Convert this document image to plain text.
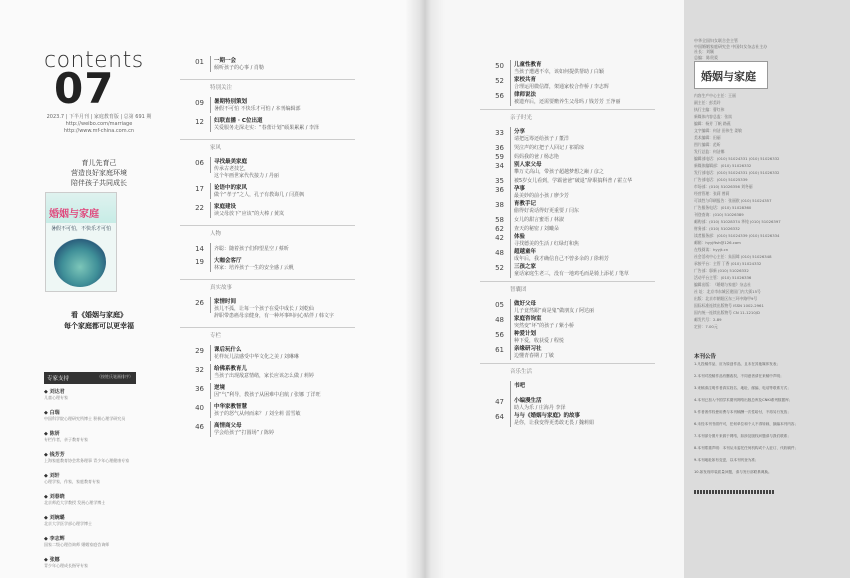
contents
07
2023.7 | 下半月刊 | 家庭教育版 | 总第 691 期
http://weibo.com/marriage
http://www.mf-china.com.cn
育儿先育己
营造良好家庭环境
陪伴孩子共同成长
婚姻与家庭
暑假不可怕，不快乐才可怕
看《婚姻与家庭》
每个家庭都可以更幸福
专家支持	（按姓氏笔画排序）
◆ 刘达君
儿童心理专家
◆ 白瑞
中国科学院心理研究所博士 积极心理学研究员
◆ 陈妍
专栏作者，亲子教育专家
◆ 钱芳芳
上海家庭教育协会常务理事 青少年心理健康专家
◆ 刘轩
心理学家，作家，家庭教育专家
◆ 刘春晓
北京师范大学教授 发展心理学博士
◆ 刘婉璐
北京大学医学部心理学博士
◆ 李志辉
国家二级心理咨询师 婚姻家庭咨询师
◆ 张娜
青少年心理成长指导专家
01 一期一会
倾听孩子的心事 / 肖勒
特别关注
09 暑期特别策划
暑假不可怕 不快乐才可怕 / 本刊编辑部
12 妇联直播 · C位出道
关爱服务走深走实：“春蕾计划”硕果累累 / 李泽
家风
06 寻找最美家庭
传承古老技艺，
这个年画世家代代接力 / 丹丽
17 论语中的家风
做个“孝子”之人，孔子有教诲几 / 闫熹枫
22 家庭建设
读父母放下“应该”的大棒 / 黄岚
人物
14 齐聪：随着孩子们仰望星空 / 蔡昕
19 大咖会客厅
林家：培养孩子一生的安全感 / 云帆
真实故事
26 家情时间
孩儿不孤，让每一个孩子在爱中成长 / 刘乾仙
辞职带患癌母亲健身，有一种坏事叫问心贴伴 / 韩文字
专栏
29 课后玩什么
花样玩儿法感受中华文化之美 / 刘琳琳
32 给佛系教育儿
当孩子出现敌意情绪，家长应该怎么做 / 莉婷
36 逆境
因“气”利导，教孩子从困难中启航 / 张娜 丁洋旺
40 中华家教智慧
孩子的怒气从何而来？ / 刘全莉 雷雪敏
46 高情商父母
学会给孩子“打圆场” / 陈婷
50 儿童性教育
当孩子遭遇不幸，该如何提供帮助 / 白颖
52 家校共育
合理运用微信群，架通家校合作桥 / 李志辉
56 律师说法
被遗弃后，还需要赡养生父母吗 / 钱芳芳 王净丽
亲子时光
33 分享
请把远筹还给孩子 / 董洋
36 哭泣声的红把子人回记 / 祁韬琼
59 妈妈我的爸 / 杨志艳
34 别人家父母
攀万丈高山，带孩子超越梦想之巅 / 彦之
35 被5岁女儿看到，学霸爸爸“破退”辞职搞科普 / 霍立华
36 孕事
最美妙的前小孩 / 廖少芳
38 育教手记
偷得好说话得好更重要 / 闫东
58 女儿的甜言蜜语 / 林淑
62 查天的秘密 / 刘曦朵
42 体验
寻找德美的生活 / 红绿灯和焦
48 超越童年
成年后，我才确信自己不曾多余的 / 徐莉芳
52 三孩之家
童话家庭生老三，没有一地鸡毛而是骑上添花 / 笔草
智囊团
05 做好父母
儿子竟然跟“商是鬼”做朋友 / 阿达丽
48 家庭咨询室
突然变“坏”的孩子 / 紫小桥
56 种爱计划
种下爱，收获爱 / 程悦
61 亲缘研习社
边懂青春期 / 丁敏
音乐生活
书吧
47 小编漫生活
助人为乐 / 庄海丹 李泽
64 与与《婚姻与家庭》的故事
是你，让我变得更勇敢无畏 / 魏莉娟
中华全国妇女联合会主管
中国婚姻家庭研究会 中国妇女杂志社主办
社长：刘颖
总编：陈贵爱
婚姻与家庭
内容生产中心主任：王丽
副主任：彭美玲
执行主编：曹红伟
新媒体内容总监：张岚
编辑：杨芳 丁帆 路燕
文字编辑：何洁 田伟生 姜敏
美术编辑：田丽
图片编辑：范昕
发行总监：何洁娜
编辑部电话：(010) 51024331 (010) 51026332
新媒体编辑部：(010) 51026332
发行部电话：(010) 51024331 (010) 51026332
广告部电话：(010) 51025339
市场部：(010) 51026356 刘冬丽
经营管理：张莉 曾莉
可读性与印刷报告：张丽欧 (010) 51024357
广告服务电话：(010) 51028360
刊登查询：(010) 51026389
邮购部：(010) 51028374 华纯 (010) 51026397
财务部：(010) 51026332
读者服务部：(010) 51024339 (010) 51026334
邮箱：hyyjftsh@126.com
在线阅读：hyyjt.cn
社会活动中心主任：朱国璋 (010) 51026348
承接平台：主管 丁香 (010) 51024332
广告部：邬新 (010) 51026332
活动平台主管：(010) 51026336
编辑出版：《婚姻与家庭》杂志社
社 址：北京市东城区建国门内大街15号
出版：北京市朝阳区东三环中路甲9号
国际标准连续出版物号 ISSN 1002-2961
国内统一连续出版物号 CN 11-1210/D
邮发代号：2-89
定价：7.00元
本刊公告
1.凡投稿作品，应为原创作品，且未在其他媒体发表；
2.本刊对投稿作品有删改权，不同意者请在来稿中声明；
3.来稿请注明作者真实姓名、地址、邮编、电话等联系方式；
4.本刊已加入中国学术期刊网络出版总库及CNKI系列数据库；
5.作者著作权使用费与本刊稿酬一次性给付，不再另行发放；
6.未经本刊书面许可，任何单位和个人不得转载、摘编本刊内容；
7.本刊部分图片来源于网络，如涉及版权问题请与我们联系；
8.本刊郑重声明：本刊从未委托任何机构或个人征订、代收稿件；
9.本刊地址如有变更，以本刊刊登为准；
10.如发现印装质量问题，请与发行部联系调换。
